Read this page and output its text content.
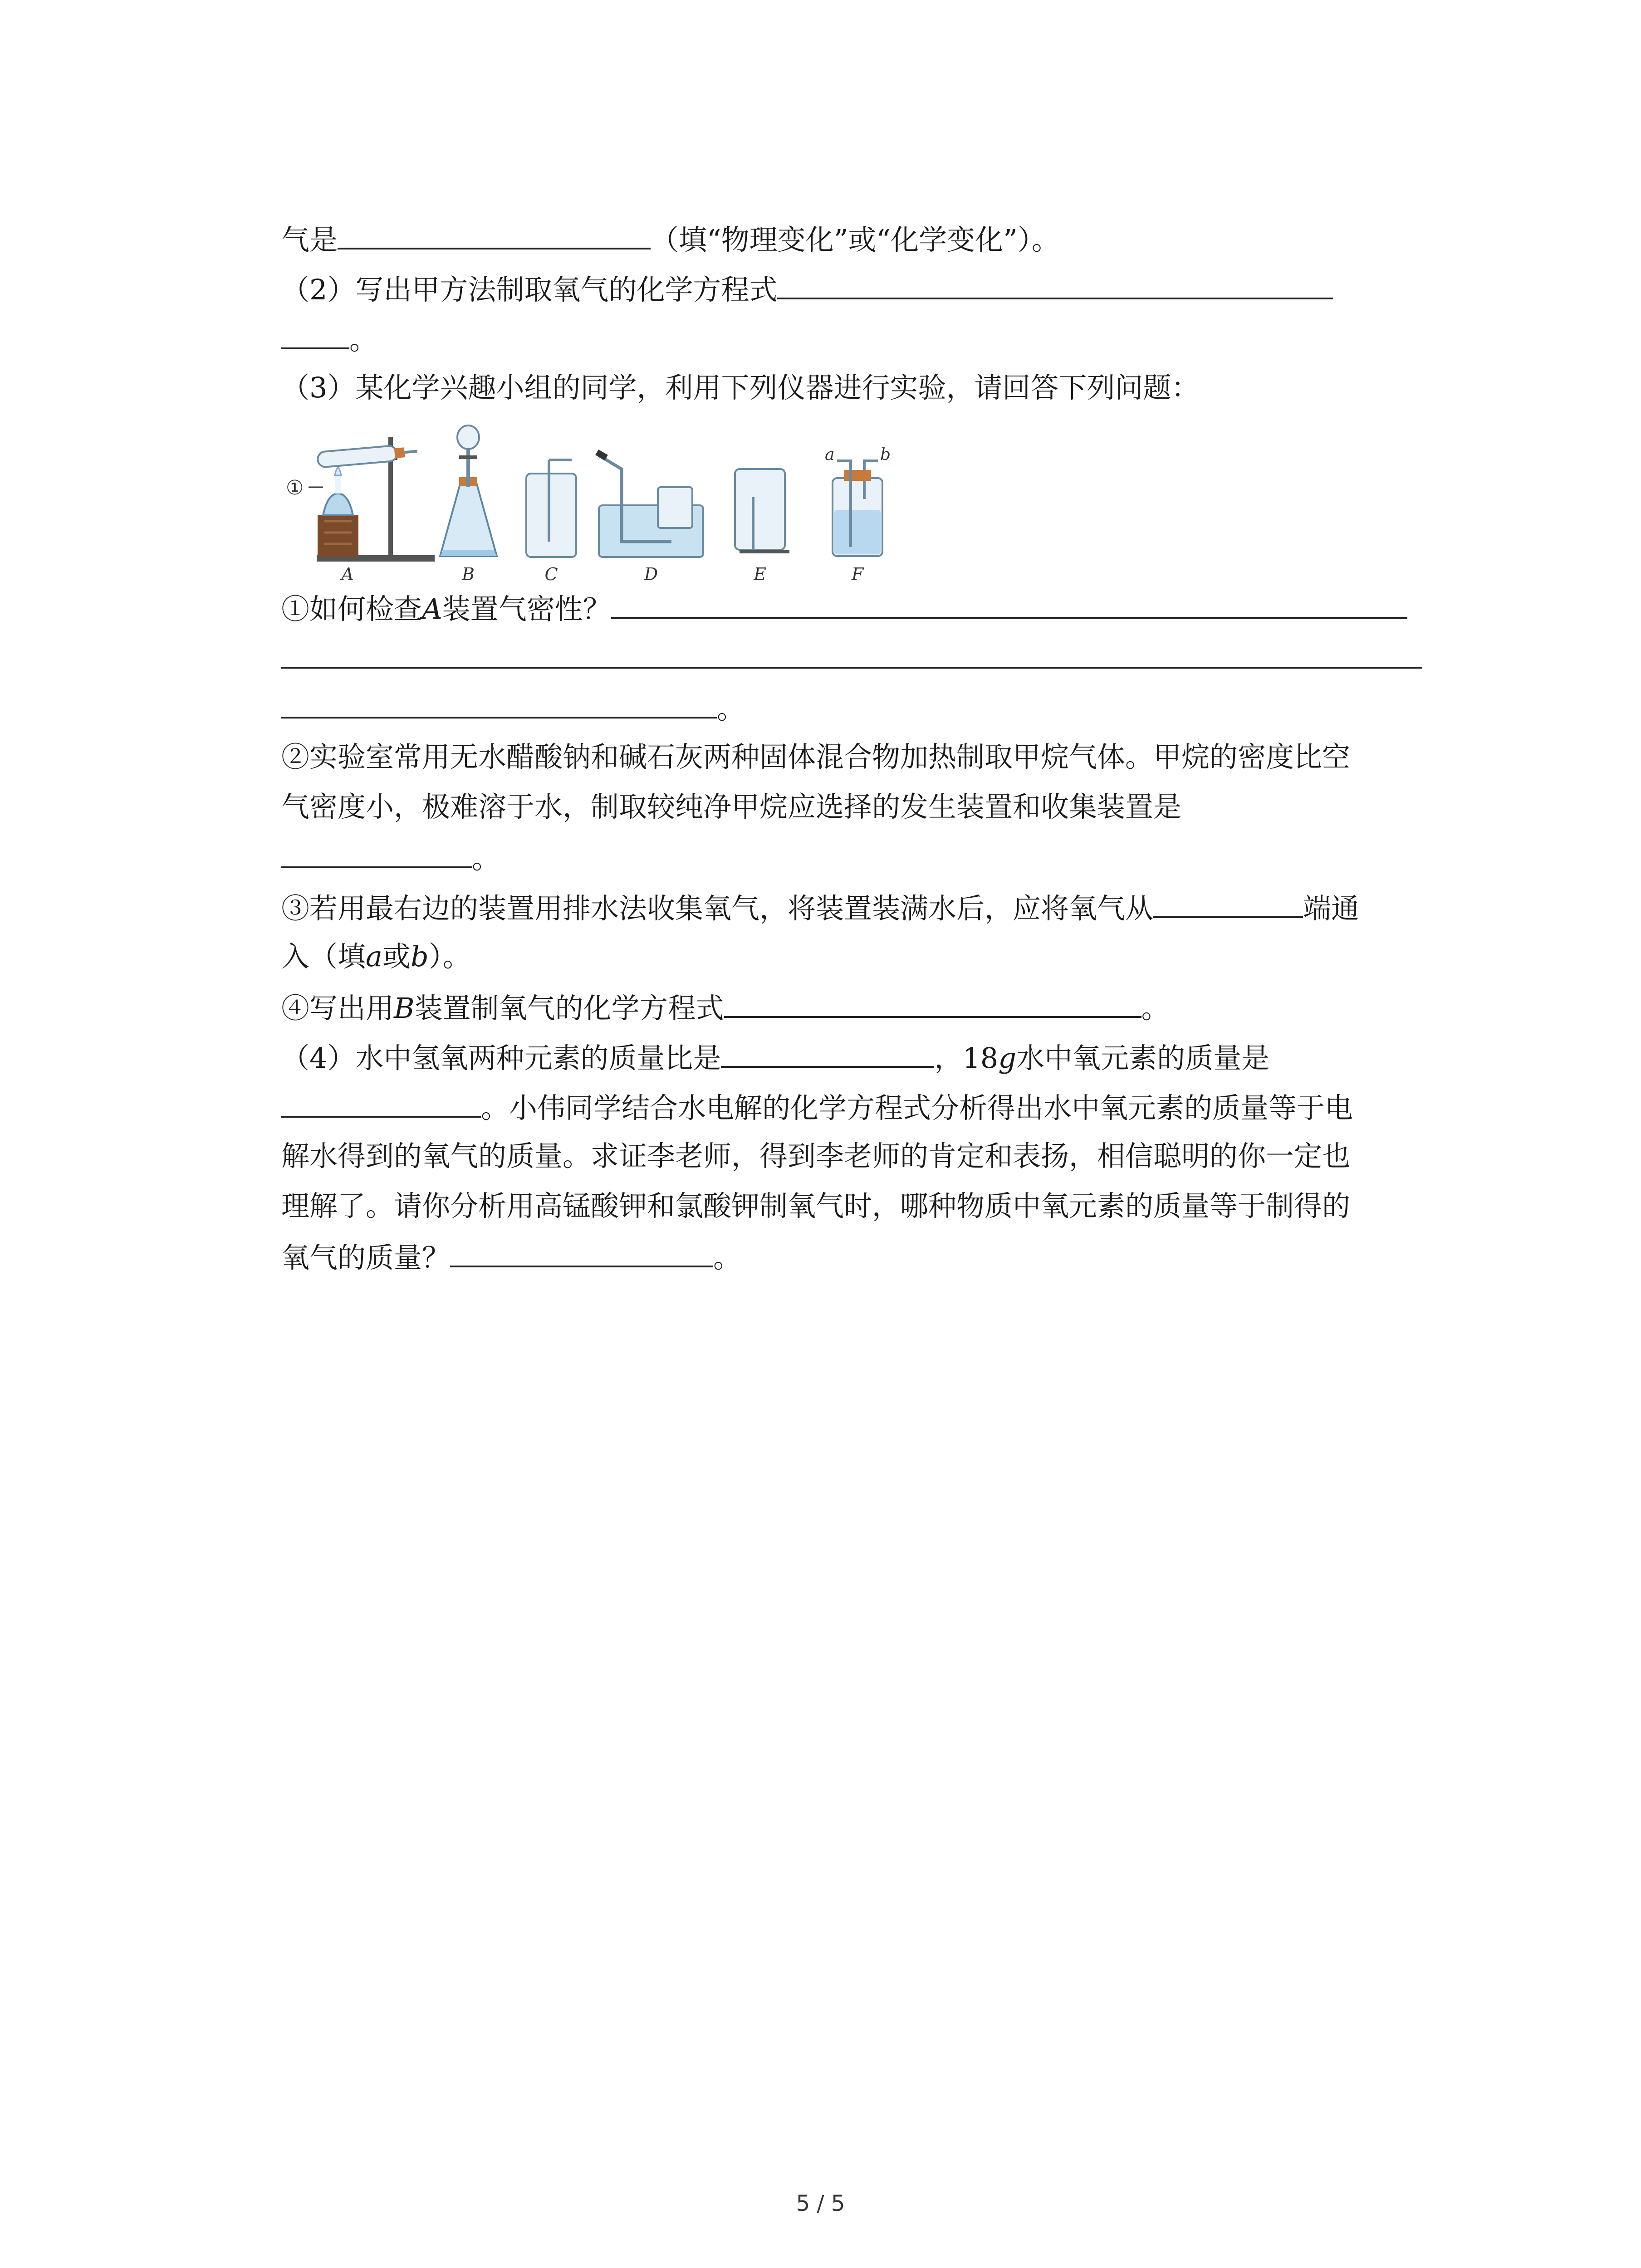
气是	（填“物理变化”或“化学变化”）。
（2）写出甲方法制取氧气的化学方程式
。
（3）某化学兴趣小组的同学，利用下列仪器进行实验，请回答下列问题：
①
A	B	C	D	E
a	b
F
①如何检查A装置气密性？
。
②实验室常用无水醋酸钠和碱石灰两种固体混合物加热制取甲烷气体。甲烷的密度比空
气密度小，极难溶于水，制取较纯净甲烷应选择的发生装置和收集装置是
。
③若用最右边的装置用排水法收集氧气，将装置装满水后，应将氧气从	端通
入（填a或b）。
④写出用B装置制氧气的化学方程式	。
（4）水中氢氧两种元素的质量比是	，18g水中氧元素的质量是
。小伟同学结合水电解的化学方程式分析得出水中氧元素的质量等于电
解水得到的氧气的质量。求证李老师，得到李老师的肯定和表扬，相信聪明的你一定也
理解了。请你分析用高锰酸钾和氯酸钾制氧气时，哪种物质中氧元素的质量等于制得的
氧气的质量？	。
5 / 5
